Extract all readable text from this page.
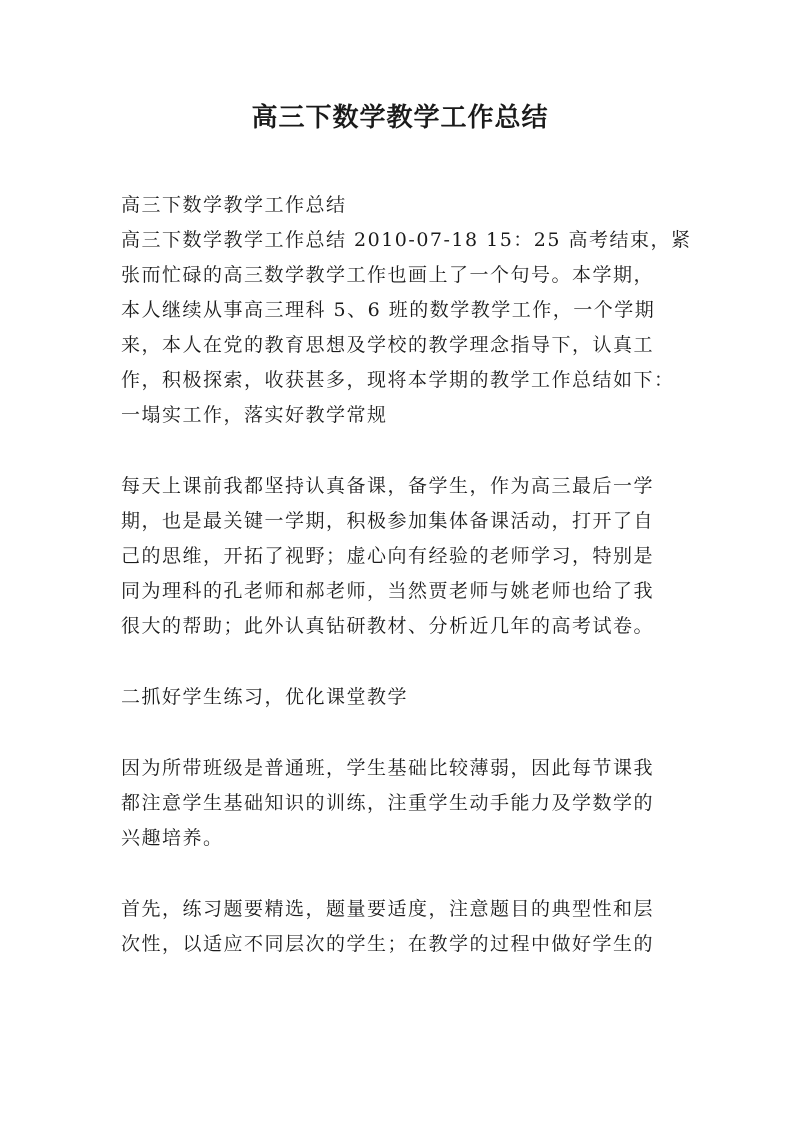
高三下数学教学工作总结
高三下数学教学工作总结
高三下数学教学工作总结 2010-07-18 15：25 高考结束，紧
张而忙碌的高三数学教学工作也画上了一个句号。本学期，
本人继续从事高三理科 5、6 班的数学教学工作，一个学期
来，本人在党的教育思想及学校的教学理念指导下，认真工
作，积极探索，收获甚多，现将本学期的教学工作总结如下：
一塌实工作，落实好教学常规
每天上课前我都坚持认真备课，备学生，作为高三最后一学
期，也是最关键一学期，积极参加集体备课活动，打开了自
己的思维，开拓了视野；虚心向有经验的老师学习，特别是
同为理科的孔老师和郝老师，当然贾老师与姚老师也给了我
很大的帮助；此外认真钻研教材、分析近几年的高考试卷。
二抓好学生练习，优化课堂教学
因为所带班级是普通班，学生基础比较薄弱，因此每节课我
都注意学生基础知识的训练，注重学生动手能力及学数学的
兴趣培养。
首先，练习题要精选，题量要适度，注意题目的典型性和层
次性，以适应不同层次的学生；在教学的过程中做好学生的
